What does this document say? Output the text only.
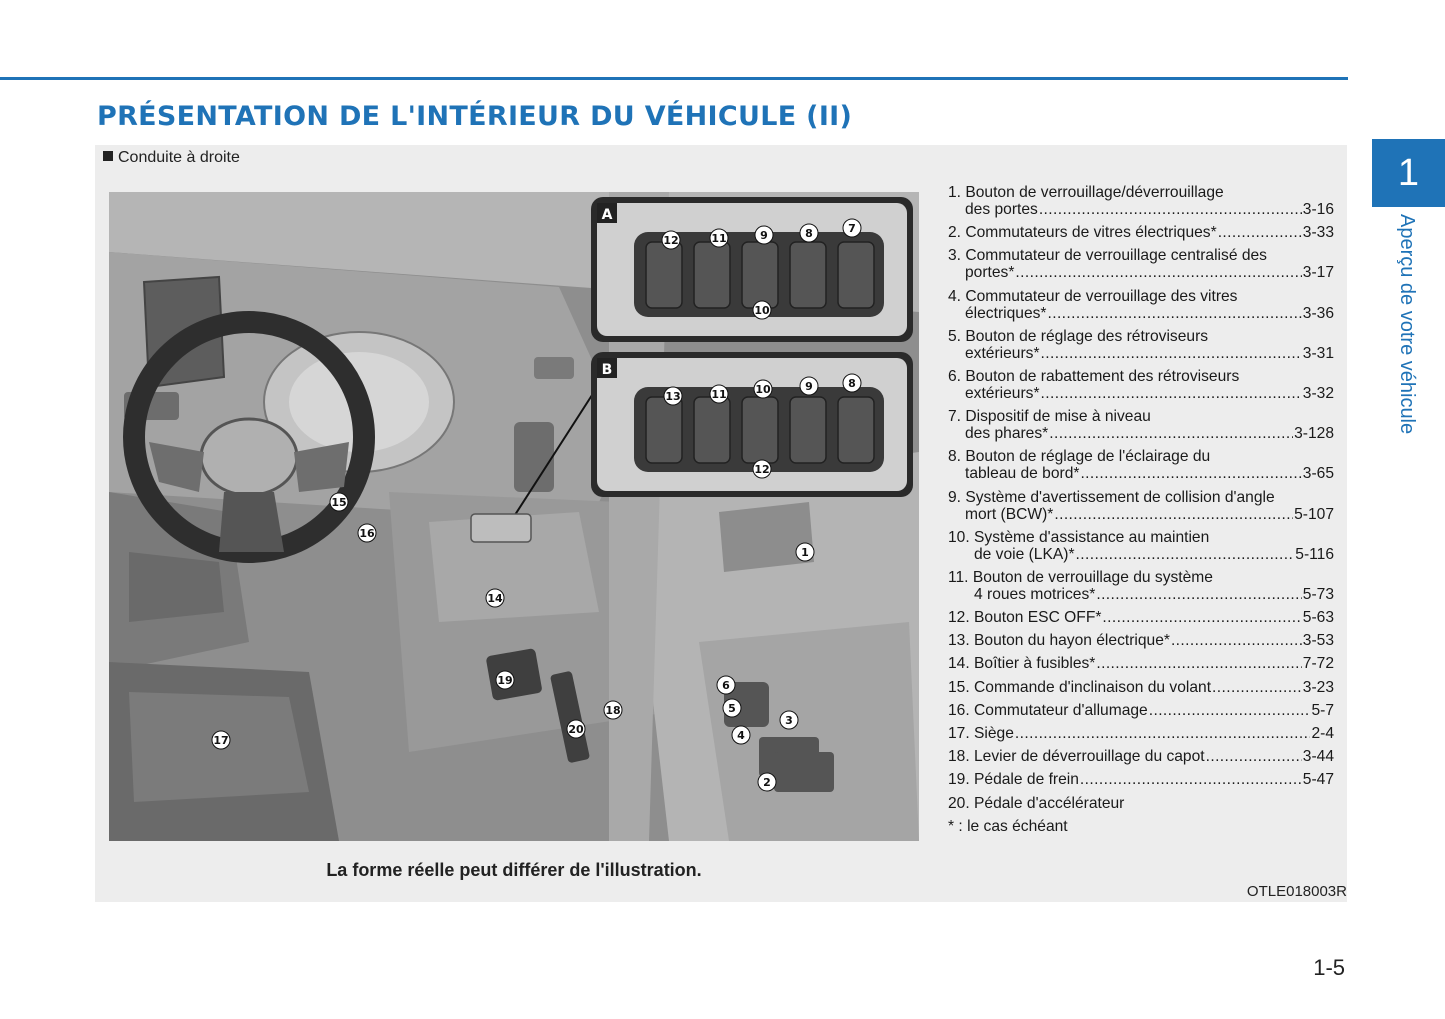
PRÉSENTATION DE L'INTÉRIEUR DU VÉHICULE (II)
1
Aperçu de votre véhicule
Conduite à droite
A
B
12	11	9	8	7
10
13	11	10	9	8
12
1
6
5
3
4
2
15
16
14
19
20
18
17
La forme réelle peut différer de l'illustration.
1. Bouton de verrouillage/déverrouillage
des portes .....	3-16
2. Commutateurs de vitres électriques* .....	3-33
3. Commutateur de verrouillage centralisé des
portes* .....	3-17
4. Commutateur de verrouillage des vitres
électriques* .....	3-36
5. Bouton de réglage des rétroviseurs
extérieurs* .....	3-31
6. Bouton de rabattement des rétroviseurs
extérieurs* .....	3-32
7. Dispositif de mise à niveau
des phares* .....	3-128
8. Bouton de réglage de l'éclairage du
tableau de bord* .....	3-65
9. Système d'avertissement de collision d'angle
mort (BCW)* .....	5-107
10. Système d'assistance au maintien
de voie (LKA)* .....	5-116
11. Bouton de verrouillage du système
4 roues motrices* .....	5-73
12. Bouton ESC OFF* .....	5-63
13. Bouton du hayon électrique* .....	3-53
14. Boîtier à fusibles* .....	7-72
15. Commande d'inclinaison du volant .....	3-23
16. Commutateur d'allumage .....	5-7
17. Siège .....	2-4
18. Levier de déverrouillage du capot .....	3-44
19. Pédale de frein .....	5-47
20. Pédale d'accélérateur
* : le cas échéant
OTLE018003R
1-5
